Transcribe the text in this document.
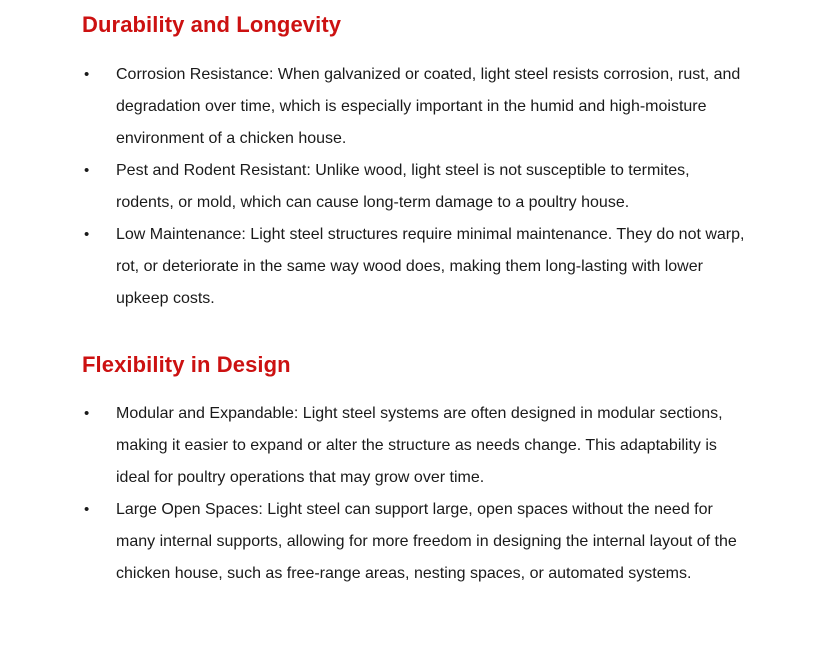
Durability and Longevity
• Corrosion Resistance: When galvanized or coated, light steel resists corrosion, rust, and degradation over time, which is especially important in the humid and high-moisture environment of a chicken house.
• Pest and Rodent Resistant: Unlike wood, light steel is not susceptible to termites, rodents, or mold, which can cause long-term damage to a poultry house.
• Low Maintenance: Light steel structures require minimal maintenance. They do not warp, rot, or deteriorate in the same way wood does, making them long-lasting with lower upkeep costs.
Flexibility in Design
• Modular and Expandable: Light steel systems are often designed in modular sections, making it easier to expand or alter the structure as needs change. This adaptability is ideal for poultry operations that may grow over time.
• Large Open Spaces: Light steel can support large, open spaces without the need for many internal supports, allowing for more freedom in designing the internal layout of the chicken house, such as free-range areas, nesting spaces, or automated systems.
